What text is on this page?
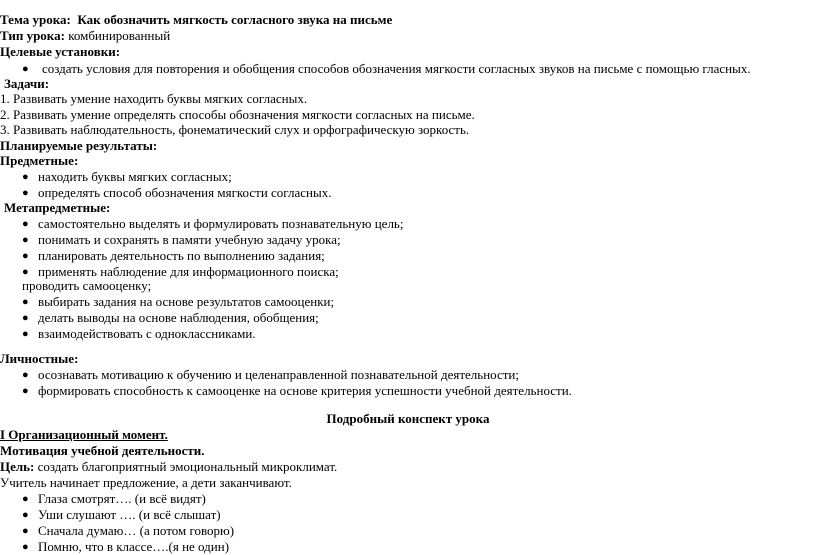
Тема урока: Как обозначить мягкость согласного звука на письме
Тип урока: комбинированный
Целевые установки:
● создать условия для повторения и обобщения способов обозначения мягкости согласных звуков на письме с помощью гласных.
Задачи:
1. Развивать умение находить буквы мягких согласных.
2. Развивать умение определять способы обозначения мягкости согласных на письме.
3. Развивать наблюдательность, фонематический слух и орфографическую зоркость.
Планируемые результаты:
Предметные:
● находить буквы мягких согласных;
● определять способ обозначения мягкости согласных.
Метапредметные:
● самостоятельно выделять и формулировать познавательную цель;
● понимать и сохранять в памяти учебную задачу урока;
● планировать деятельность по выполнению задания;
● применять наблюдение для информационного поиска;
проводить самооценку;
● выбирать задания на основе результатов самооценки;
● делать выводы на основе наблюдения, обобщения;
● взаимодействовать с одноклассниками.
Личностные:
● осознавать мотивацию к обучению и целенаправленной познавательной деятельности;
● формировать способность к самооценке на основе критерия успешности учебной деятельности.
Подробный конспект урока
I Организационный момент.
Мотивация учебной деятельности.
Цель: создать благоприятный эмоциональный микроклимат.
Учитель начинает предложение, а дети заканчивают.
● Глаза смотрят…. (и всё видят)
● Уши слушают …. (и всё слышат)
● Сначала думаю… (а потом говорю)
● Помню, что в классе….(я не один)
